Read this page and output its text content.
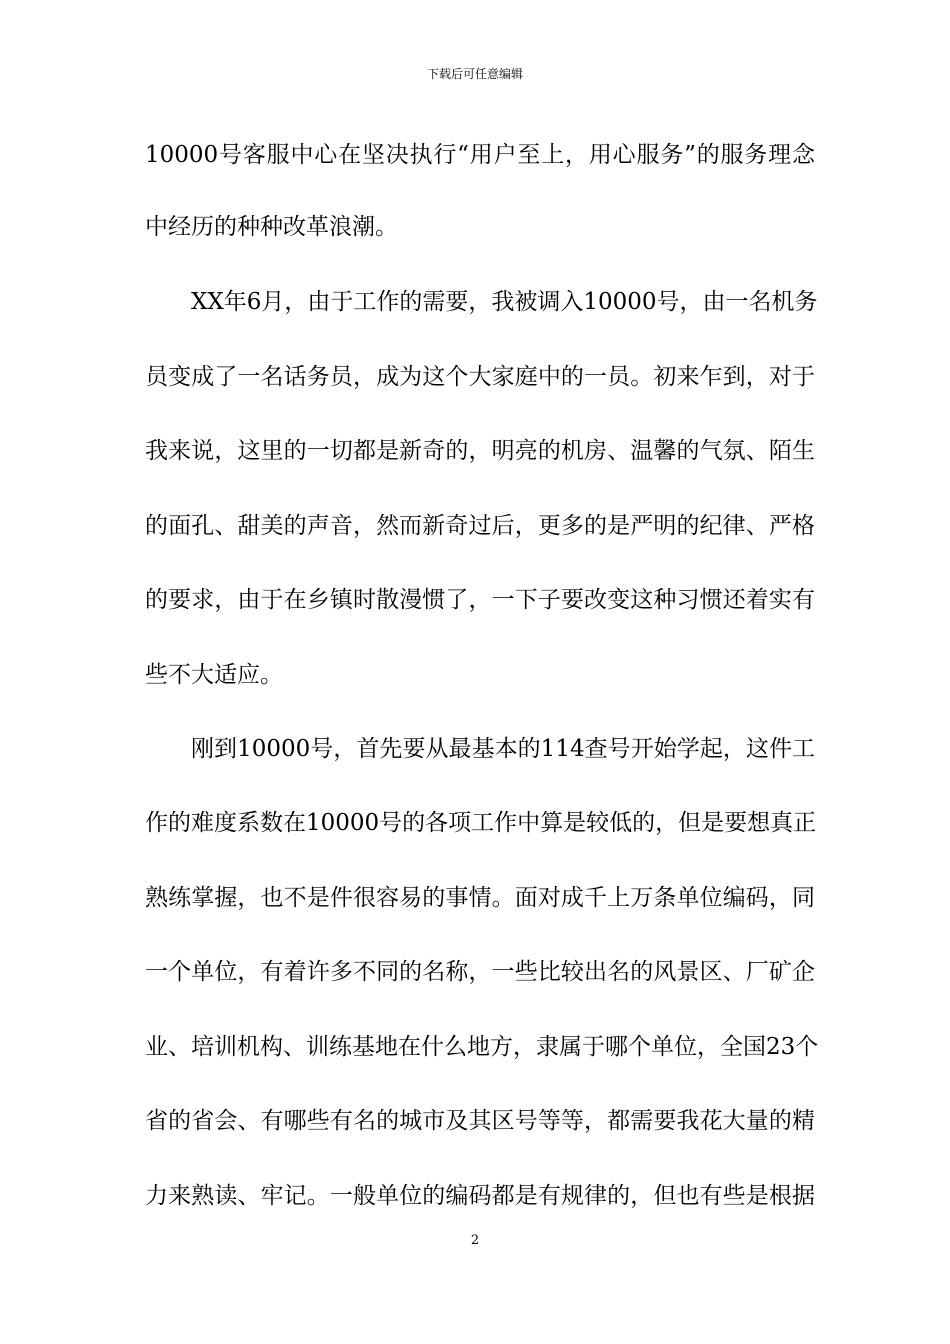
下载后可任意编辑
10000号客服中心在坚决执行“用户至上，用心服务”的服务理念
中经历的种种改革浪潮。
XX年6月，由于工作的需要，我被调入10000号，由一名机务
员变成了一名话务员，成为这个大家庭中的一员。初来乍到，对于
我来说，这里的一切都是新奇的，明亮的机房、温馨的气氛、陌生
的面孔、甜美的声音，然而新奇过后，更多的是严明的纪律、严格
的要求，由于在乡镇时散漫惯了，一下子要改变这种习惯还着实有
些不大适应。
刚到10000号，首先要从最基本的114查号开始学起，这件工
作的难度系数在10000号的各项工作中算是较低的，但是要想真正
熟练掌握，也不是件很容易的事情。面对成千上万条单位编码，同
一个单位，有着许多不同的名称，一些比较出名的风景区、厂矿企
业、培训机构、训练基地在什么地方，隶属于哪个单位，全国23个
省的省会、有哪些有名的城市及其区号等等，都需要我花大量的精
力来熟读、牢记。一般单位的编码都是有规律的，但也有些是根据
2
